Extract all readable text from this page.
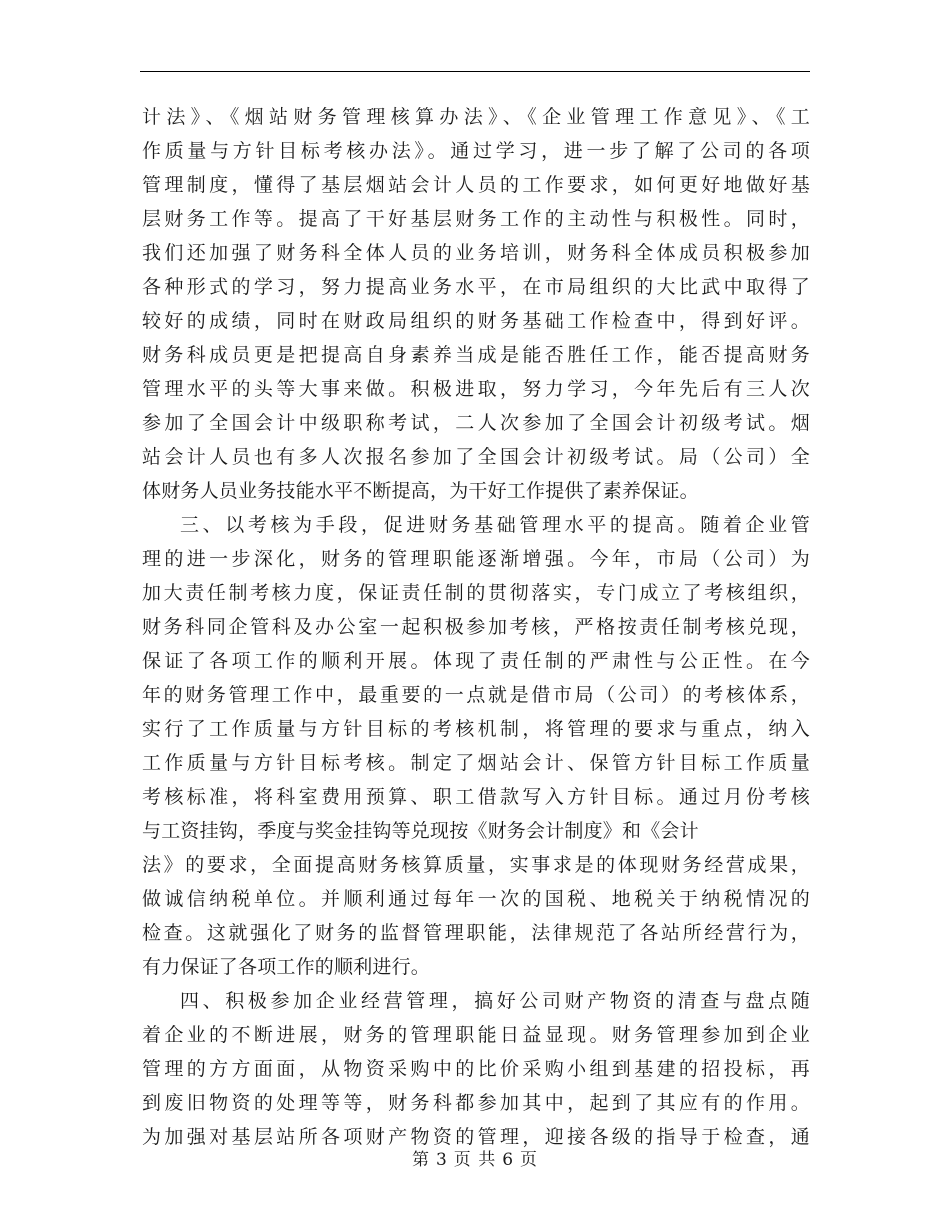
计法》、《烟站财务管理核算办法》、《企业管理工作意见》、《工
作质量与方针目标考核办法》。通过学习，进一步了解了公司的各项
管理制度，懂得了基层烟站会计人员的工作要求，如何更好地做好基
层财务工作等。提高了干好基层财务工作的主动性与积极性。同时，
我们还加强了财务科全体人员的业务培训，财务科全体成员积极参加
各种形式的学习，努力提高业务水平，在市局组织的大比武中取得了
较好的成绩，同时在财政局组织的财务基础工作检查中，得到好评。
财务科成员更是把提高自身素养当成是能否胜任工作，能否提高财务
管理水平的头等大事来做。积极进取，努力学习，今年先后有三人次
参加了全国会计中级职称考试，二人次参加了全国会计初级考试。烟
站会计人员也有多人次报名参加了全国会计初级考试。局（公司）全
体财务人员业务技能水平不断提高，为干好工作提供了素养保证。
三、以考核为手段，促进财务基础管理水平的提高。随着企业管
理的进一步深化，财务的管理职能逐渐增强。今年，市局（公司）为
加大责任制考核力度，保证责任制的贯彻落实，专门成立了考核组织，
财务科同企管科及办公室一起积极参加考核，严格按责任制考核兑现，
保证了各项工作的顺利开展。体现了责任制的严肃性与公正性。在今
年的财务管理工作中，最重要的一点就是借市局（公司）的考核体系，
实行了工作质量与方针目标的考核机制，将管理的要求与重点，纳入
工作质量与方针目标考核。制定了烟站会计、保管方针目标工作质量
考核标准，将科室费用预算、职工借款写入方针目标。通过月份考核
与工资挂钩，季度与奖金挂钩等兑现按《财务会计制度》和《会计
法》的要求，全面提高财务核算质量，实事求是的体现财务经营成果，
做诚信纳税单位。并顺利通过每年一次的国税、地税关于纳税情况的
检查。这就强化了财务的监督管理职能，法律规范了各站所经营行为，
有力保证了各项工作的顺利进行。
四、积极参加企业经营管理，搞好公司财产物资的清查与盘点随
着企业的不断进展，财务的管理职能日益显现。财务管理参加到企业
管理的方方面面，从物资采购中的比价采购小组到基建的招投标，再
到废旧物资的处理等等，财务科都参加其中，起到了其应有的作用。
为加强对基层站所各项财产物资的管理，迎接各级的指导于检查，通
第 3 页 共 6 页
